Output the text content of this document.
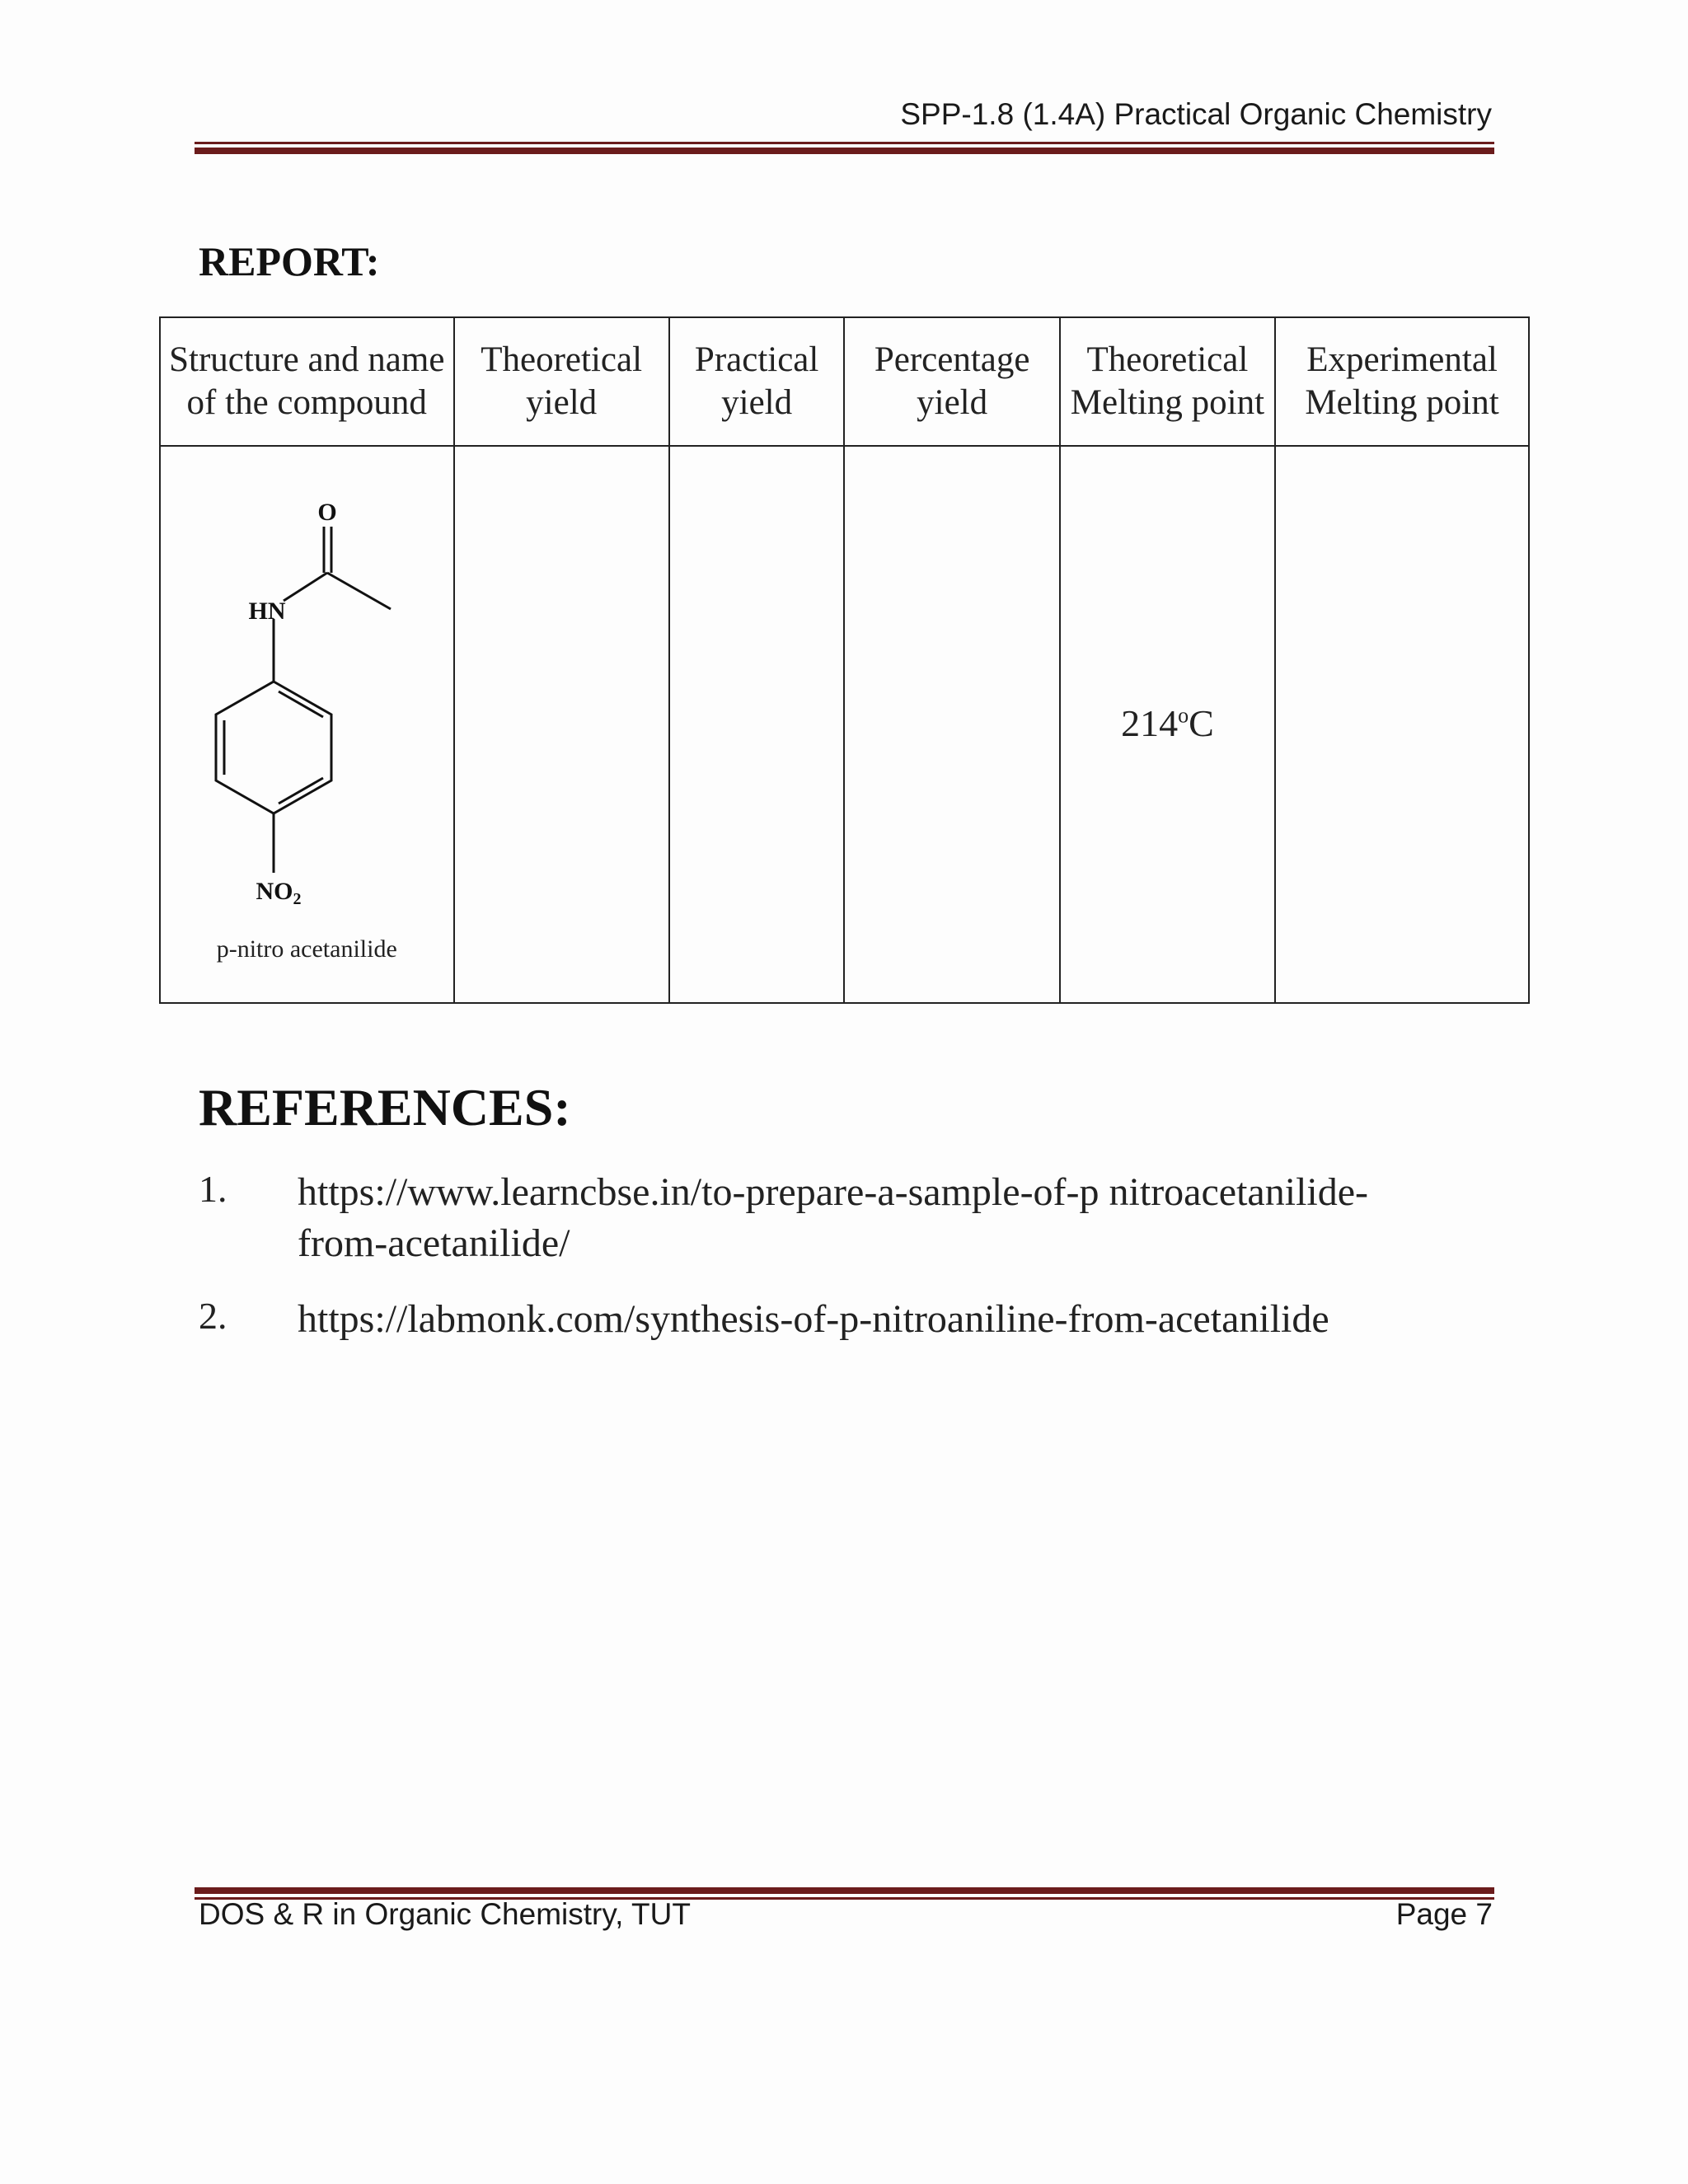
SPP-1.8 (1.4A) Practical Organic Chemistry
REPORT:
Structure and name of the compound	Theoretical yield	Practical yield	Percentage yield	Theoretical Melting point	Experimental Melting point

O
HN
$NO_2$
p-nitro acetanilide				214$^o$C	
REFERENCES:
1. https://www.learncbse.in/to-prepare-a-sample-of-p nitroacetanilide-from-acetanilide/
2. https://labmonk.com/synthesis-of-p-nitroaniline-from-acetanilide
DOS & R in Organic Chemistry, TUT	Page 7
